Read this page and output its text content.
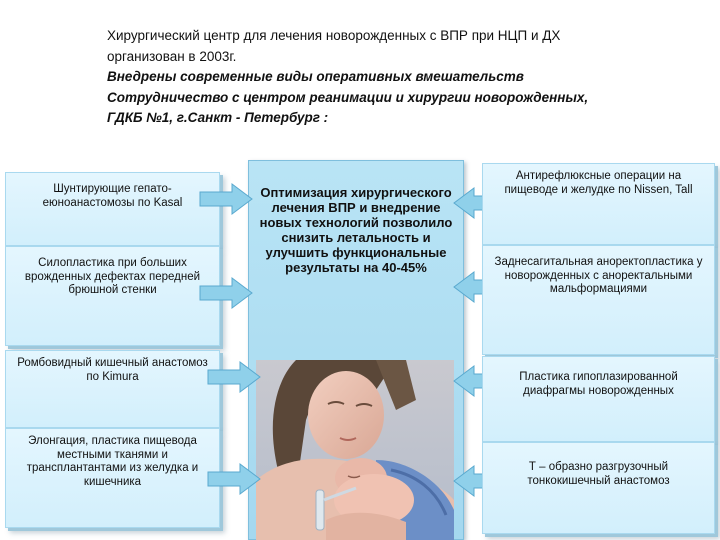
Хирургический центр для лечения новорожденных с ВПР при НЦП и ДХ
организован в 2003г.
Внедрены современные виды оперативных вмешательств
Сотрудничество с центром реанимации и хирургии новорожденных,
ГДКБ №1, г.Санкт - Петербург :
Шунтирующие гепато-еюноанастомозы по Kasal
Силопластика при больших врожденных дефектах передней брюшной стенки
Ромбовидный кишечный анастомоз по Kimura
Элонгация, пластика пищевода местными тканями и трансплантантами из желудка и кишечника
Оптимизация хирургического лечения ВПР и внедрение новых технологий позволило снизить летальность и улучшить функциональные результаты на 40-45%
Антирефлюксные операции на пищеводе и желудке по Nissen, Tall
Заднесагитальная аноректопластика у новорожденных с аноректальными мальформациями
Пластика гипоплазированной диафрагмы новорожденных
Т – образно разгрузочный тонкокишечный анастомоз
